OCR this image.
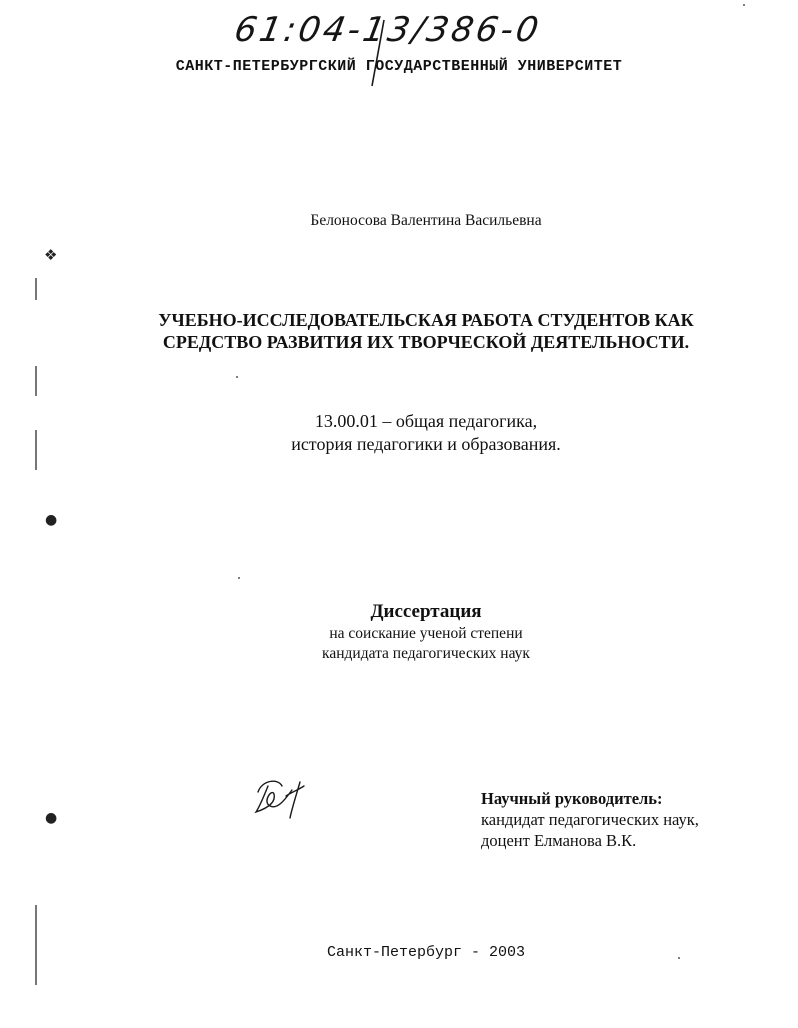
❖
●
●
61:04-13/386-0
САНКТ-ПЕТЕРБУРГСКИЙ ГОСУДАРСТВЕННЫЙ УНИВЕРСИТЕТ
Белоносова Валентина Васильевна
УЧЕБНО-ИССЛЕДОВАТЕЛЬСКАЯ РАБОТА СТУДЕНТОВ КАК
СРЕДСТВО РАЗВИТИЯ ИХ ТВОРЧЕСКОЙ ДЕЯТЕЛЬНОСТИ.
13.00.01 – общая педагогика,
история педагогики и образования.
Диссертация
на соискание ученой степени
кандидата педагогических наук
Научный руководитель:
кандидат педагогических наук,
доцент Елманова В.К.
Санкт-Петербург - 2003
